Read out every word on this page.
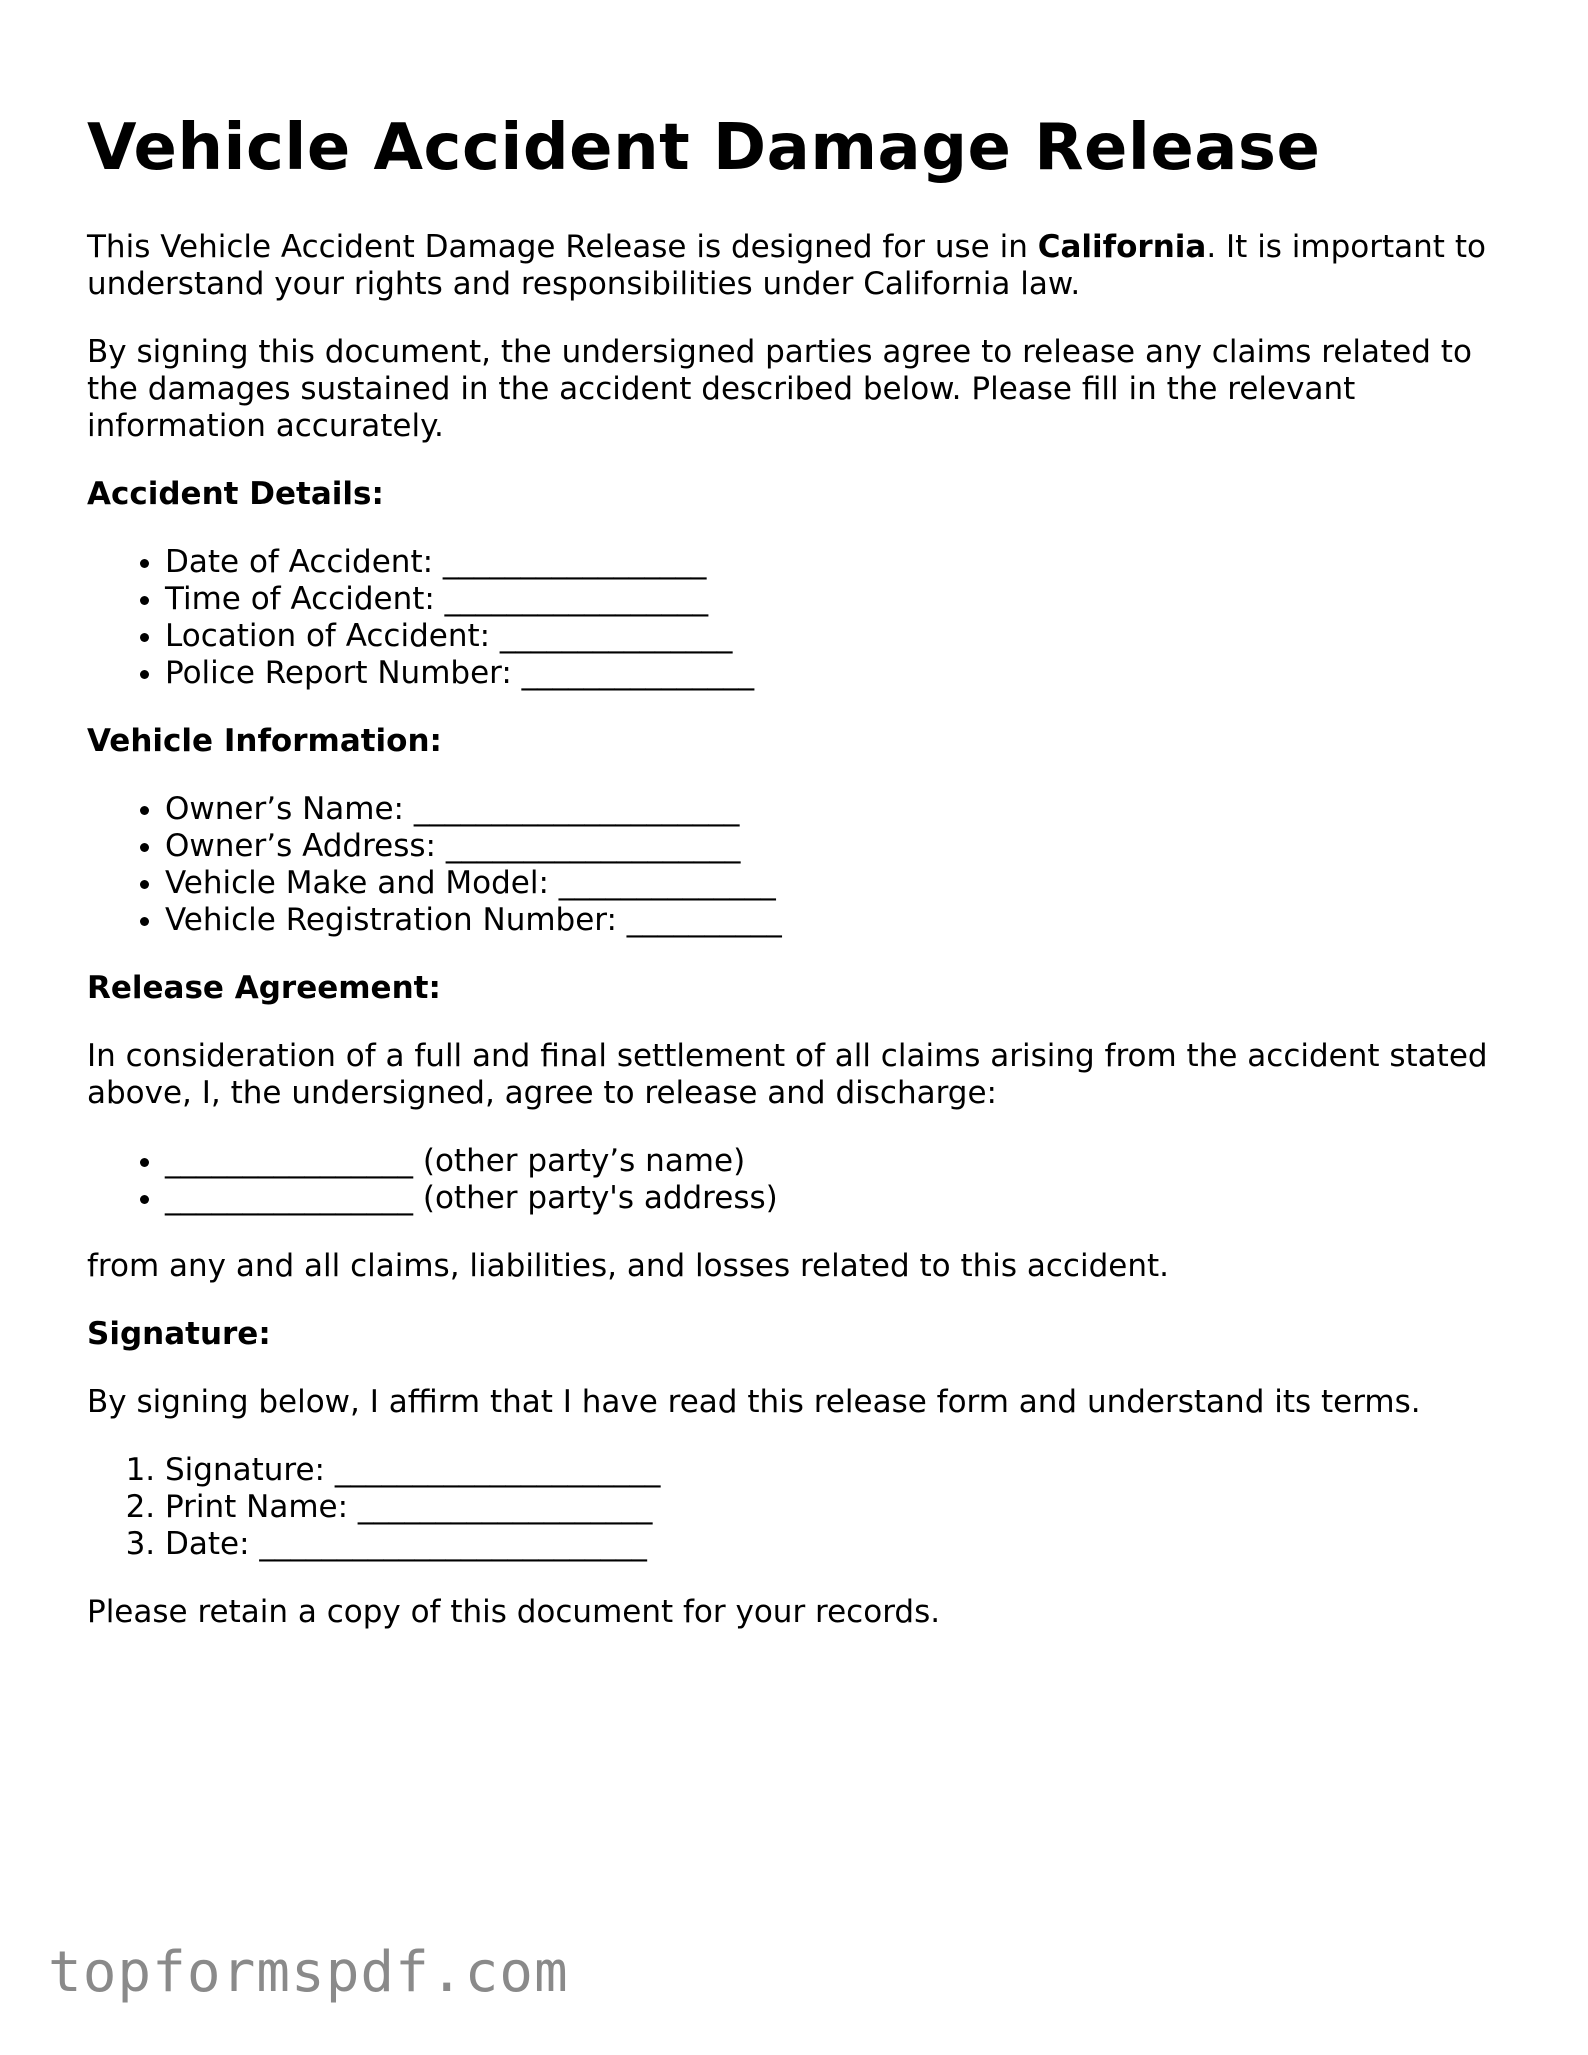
Vehicle Accident Damage Release

This Vehicle Accident Damage Release is designed for use in California. It is important to understand your rights and responsibilities under California law.

By signing this document, the undersigned parties agree to release any claims related to the damages sustained in the accident described below. Please fill in the relevant information accurately.

Accident Details:
• Date of Accident: _________________
• Time of Accident: _________________
• Location of Accident: _______________
• Police Report Number: _______________
Vehicle Information:
• Owner’s Name: _____________________
• Owner’s Address: ___________________
• Vehicle Make and Model: ______________
• Vehicle Registration Number: __________
Release Agreement:

In consideration of a full and final settlement of all claims arising from the accident stated above, I, the undersigned, agree to release and discharge:

• ________________ (other party’s name)
• ________________ (other party's address)

from any and all claims, liabilities, and losses related to this accident.

Signature:

By signing below, I affirm that I have read this release form and understand its terms.

1. Signature: _____________________
2. Print Name: ___________________
3. Date: _________________________

Please retain a copy of this document for your records.

topformspdf.com
